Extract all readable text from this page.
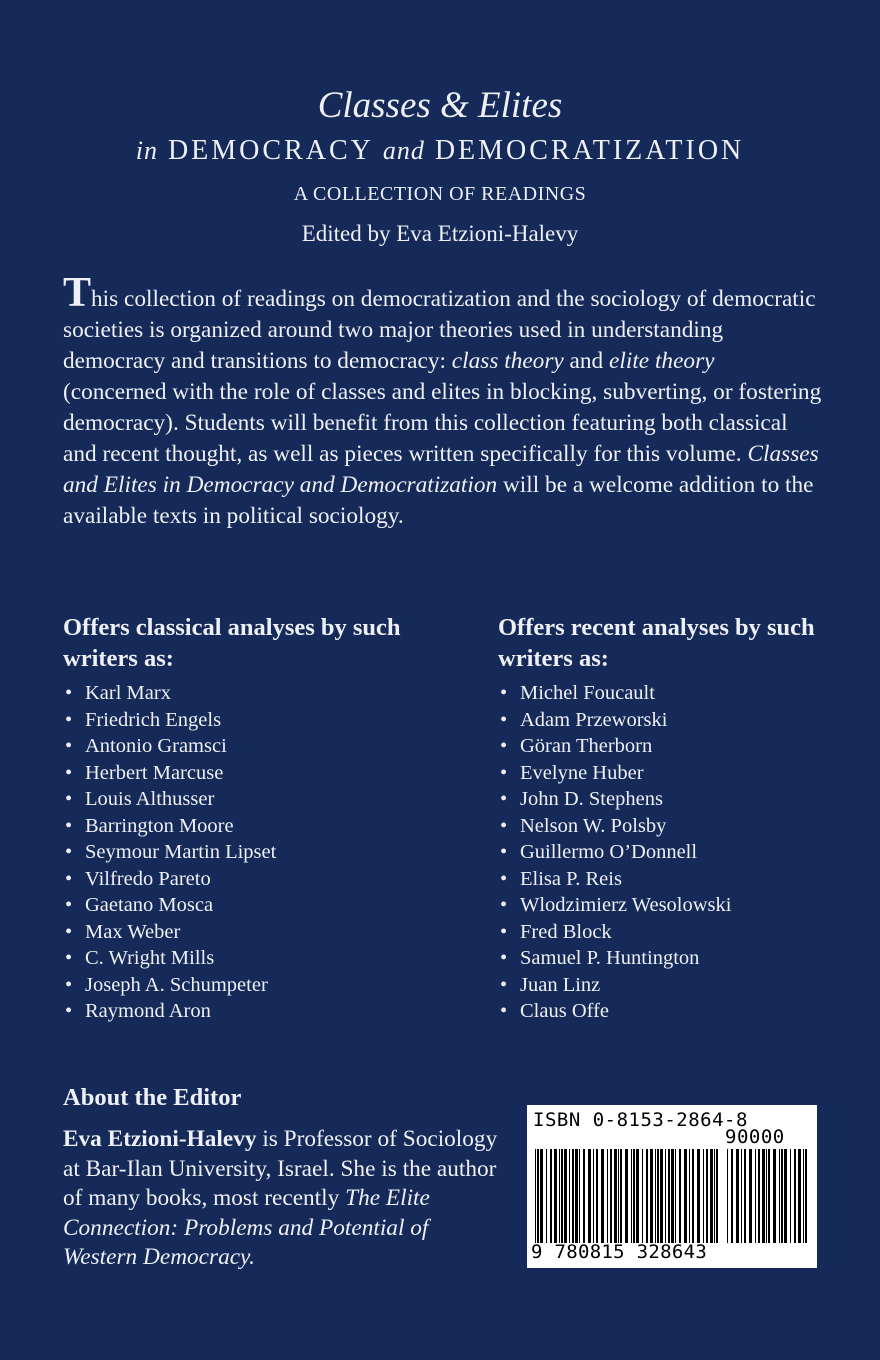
Classes & Elites
in DEMOCRACY and DEMOCRATIZATION
A COLLECTION OF READINGS
Edited by Eva Etzioni-Halevy
This collection of readings on democratization and the sociology of democratic societies is organized around two major theories used in understanding democracy and transitions to democracy: class theory and elite theory (concerned with the role of classes and elites in blocking, subverting, or fostering democracy). Students will benefit from this collection featuring both classical and recent thought, as well as pieces written specifically for this volume. Classes and Elites in Democracy and Democratization will be a welcome addition to the available texts in political sociology.
Offers classical analyses by such writers as:
• Karl Marx
• Friedrich Engels
• Antonio Gramsci
• Herbert Marcuse
• Louis Althusser
• Barrington Moore
• Seymour Martin Lipset
• Vilfredo Pareto
• Gaetano Mosca
• Max Weber
• C. Wright Mills
• Joseph A. Schumpeter
• Raymond Aron
Offers recent analyses by such writers as:
• Michel Foucault
• Adam Przeworski
• Göran Therborn
• Evelyne Huber
• John D. Stephens
• Nelson W. Polsby
• Guillermo O’Donnell
• Elisa P. Reis
• Wlodzimierz Wesolowski
• Fred Block
• Samuel P. Huntington
• Juan Linz
• Claus Offe
About the Editor
Eva Etzioni-Halevy is Professor of Sociology at Bar-Ilan University, Israel. She is the author of many books, most recently The Elite Connection: Problems and Potential of Western Democracy.
ISBN 0-8153-2864-8
90000
9 780815 328643
